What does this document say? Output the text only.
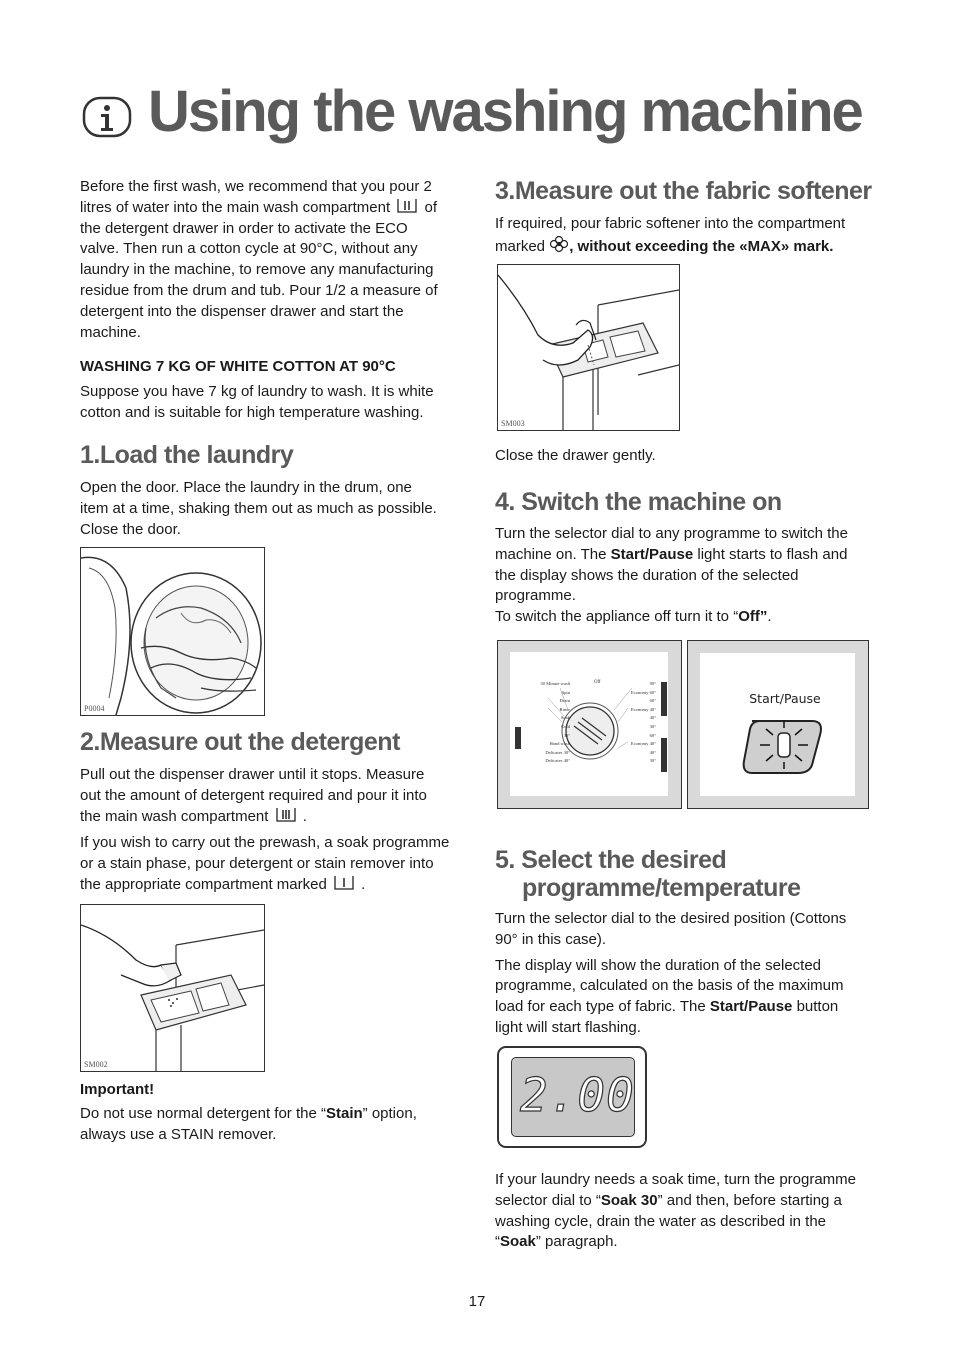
Using the washing machine
Before the first wash, we recommend that you pour 2
litres of water into the main wash compartment of
the detergent drawer in order to activate the ECO
valve. Then run a cotton cycle at 90°C, without any
laundry in the machine, to remove any manufacturing
residue from the drum and tub. Pour 1/2 a measure of
detergent into the dispenser drawer and start the
machine.
WASHING 7 KG OF WHITE COTTON AT 90°C
Suppose you have 7 kg of laundry to wash. It is white
cotton and is suitable for high temperature washing.
1.Load the laundry
Open the door. Place the laundry in the drum, one
item at a time, shaking them out as much as possible.
Close the door.
P0004
2.Measure out the detergent
Pull out the dispenser drawer until it stops. Measure
out the amount of detergent required and pour it into
the main wash compartment .
If you wish to carry out the prewash, a soak programme
or a stain phase, pour detergent or stain remover into
the appropriate compartment marked .
SM002
Important!
Do not use normal detergent for the “Stain” option,
always use a STAIN remover.
3.Measure out the fabric softener
If required, pour fabric softener into the compartment
marked , without exceeding the «MAX» mark.
SM003
Close the drawer gently.
4. Switch the machine on
Turn the selector dial to any programme to switch the
machine on. The Start/Pause light starts to flash and
the display shows the duration of the selected
programme.
To switch the appliance off turn it to “Off”.
30 Minute wash
Spin
Drain
Rinse
Soak
Cold
30°
Hand wash
Delicates 30°
Delicates 40°
Off	90°
Economy 60°
60°
Economy 40°
40°
30°
60°
Economy 40°
40°
30°
Start/Pause
5. Select the desired
programme/temperature
Turn the selector dial to the desired position (Cottons
90° in this case).
The display will show the duration of the selected
programme, calculated on the basis of the maximum
load for each type of fabric. The Start/Pause button
light will start flashing.
2.00
If your laundry needs a soak time, turn the programme
selector dial to “Soak 30” and then, before starting a
washing cycle, drain the water as described in the
“Soak” paragraph.
17
